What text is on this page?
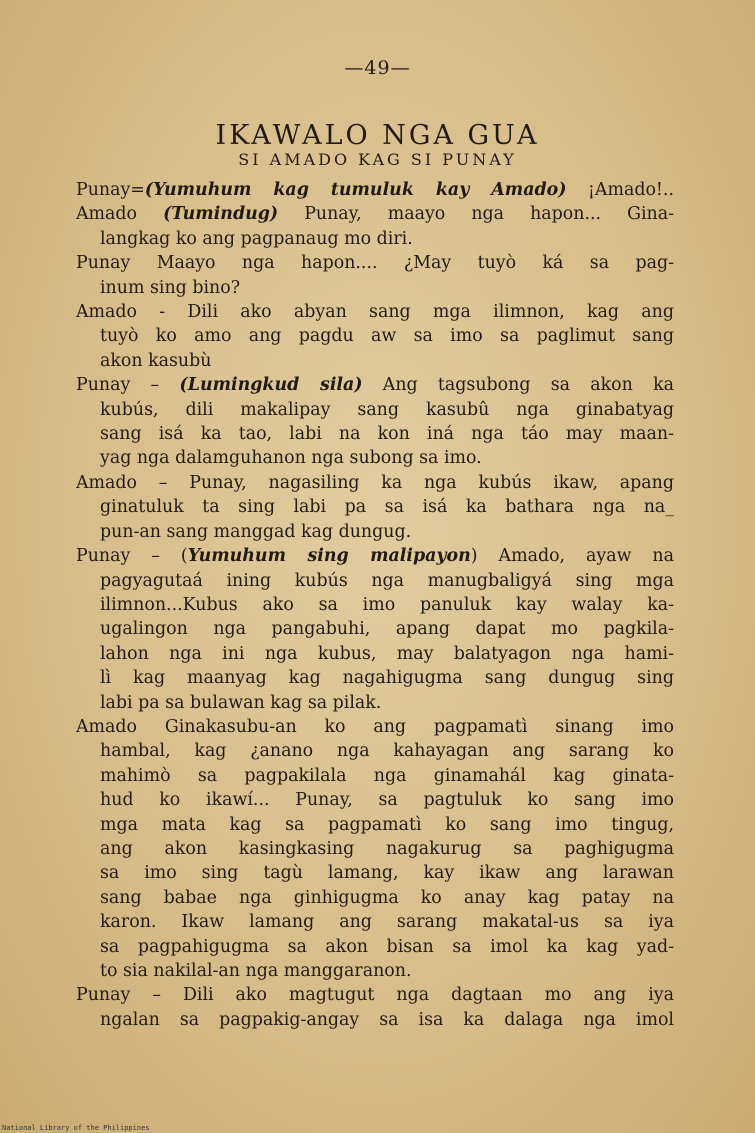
—49—
IKAWALO NGA GUA
SI AMADO KAG SI PUNAY
Punay=(Yumuhum kag tumuluk kay Amado) ¡Amado!..
Amado (Tumindug) Punay, maayo nga hapon... Gina-
langkag ko ang pagpanaug mo diri.
Punay Maayo nga hapon.... ¿May tuyò ká sa pag-
inum sing bino?
Amado - Dili ako abyan sang mga ilimnon, kag ang
tuyò ko amo ang pagdu aw sa imo sa paglimut sang
akon kasubù
Punay – (Lumingkud sila) Ang tagsubong sa akon ka
kubús, dili makalipay sang kasubû nga ginabatyag
sang isá ka tao, labi na kon iná nga táo may maan-
yag nga dalamguhanon nga subong sa imo.
Amado – Punay, nagasiling ka nga kubús ikaw, apang
ginatuluk ta sing labi pa sa isá ka bathara nga na_
pun-an sang manggad kag dungug.
Punay – (Yumuhum sing malipayon) Amado, ayaw na
pagyagutaá ining kubús nga manugbaligyá sing mga
ilimnon...Kubus ako sa imo panuluk kay walay ka-
ugalingon nga pangabuhi, apang dapat mo pagkila-
lahon nga ini nga kubus, may balatyagon nga hami-
lì kag maanyag kag nagahigugma sang dungug sing
labi pa sa bulawan kag sa pilak.
Amado Ginakasubu-an ko ang pagpamatì sinang imo
hambal, kag ¿anano nga kahayagan ang sarang ko
mahimò sa pagpakilala nga ginamahál kag ginata-
hud ko ikawí... Punay, sa pagtuluk ko sang imo
mga mata kag sa pagpamatì ko sang imo tingug,
ang akon kasingkasing nagakurug sa paghigugma
sa imo sing tagù lamang, kay ikaw ang larawan
sang babae nga ginhigugma ko anay kag patay na
karon. Ikaw lamang ang sarang makatal-us sa iya
sa pagpahigugma sa akon bisan sa imol ka kag yad-
to sia nakilal-an nga manggaranon.
Punay – Dili ako magtugut nga dagtaan mo ang iya
ngalan sa pagpakig-angay sa isa ka dalaga nga imol
National Library of the Philippines
